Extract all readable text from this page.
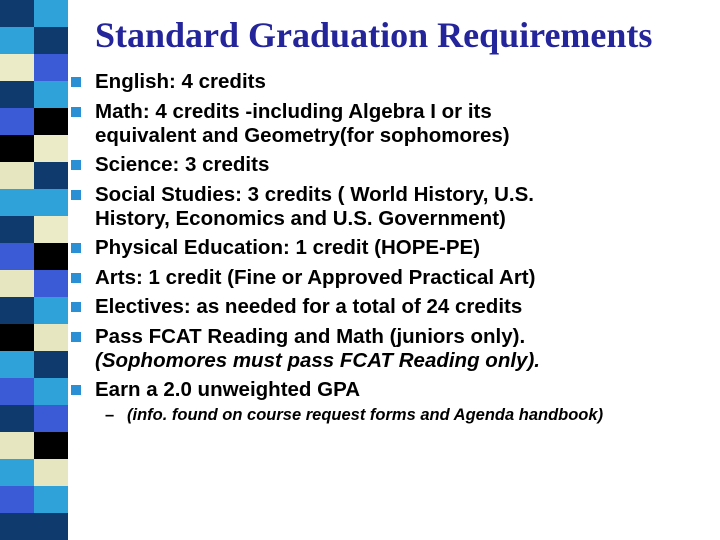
Standard Graduation Requirements
English: 4 credits
Math: 4 credits -including Algebra I or its
equivalent and Geometry(for sophomores)
Science: 3 credits
Social Studies: 3 credits ( World History, U.S.
History, Economics and U.S. Government)
Physical Education: 1 credit (HOPE-PE)
Arts: 1 credit (Fine or Approved Practical Art)
Electives: as needed for a total of 24 credits
Pass FCAT Reading and Math (juniors only).
(Sophomores must pass FCAT Reading only).
Earn a 2.0 unweighted GPA
– (info. found on course request forms and Agenda handbook)
